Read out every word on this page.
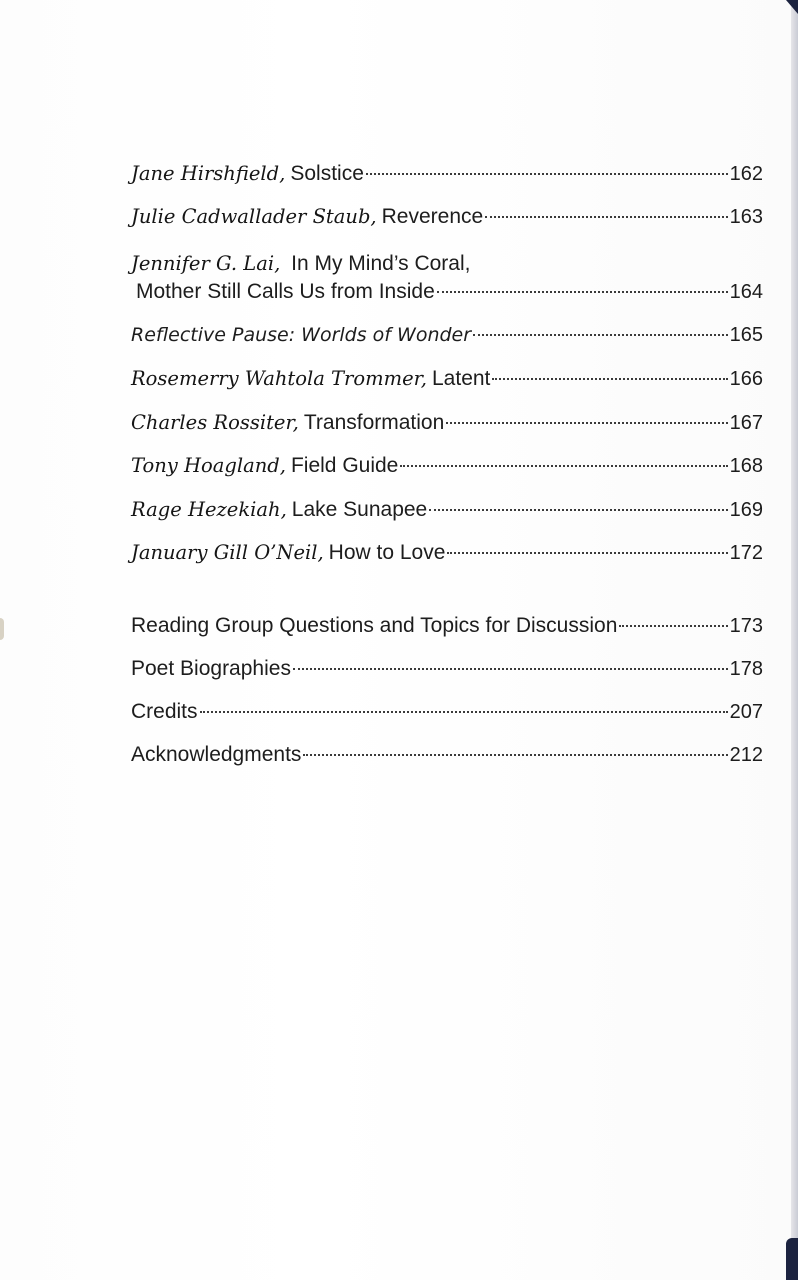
Jane Hirshfield, Solstice	162
Julie Cadwallader Staub, Reverence	163
Jennifer G. Lai, In My Mind’s Coral,
Mother Still Calls Us from Inside	164
Reflective Pause: Worlds of Wonder	165
Rosemerry Wahtola Trommer, Latent	166
Charles Rossiter, Transformation	167
Tony Hoagland, Field Guide	168
Rage Hezekiah, Lake Sunapee	169
January Gill O’Neil, How to Love	172
Reading Group Questions and Topics for Discussion	173
Poet Biographies	178
Credits	207
Acknowledgments	212
